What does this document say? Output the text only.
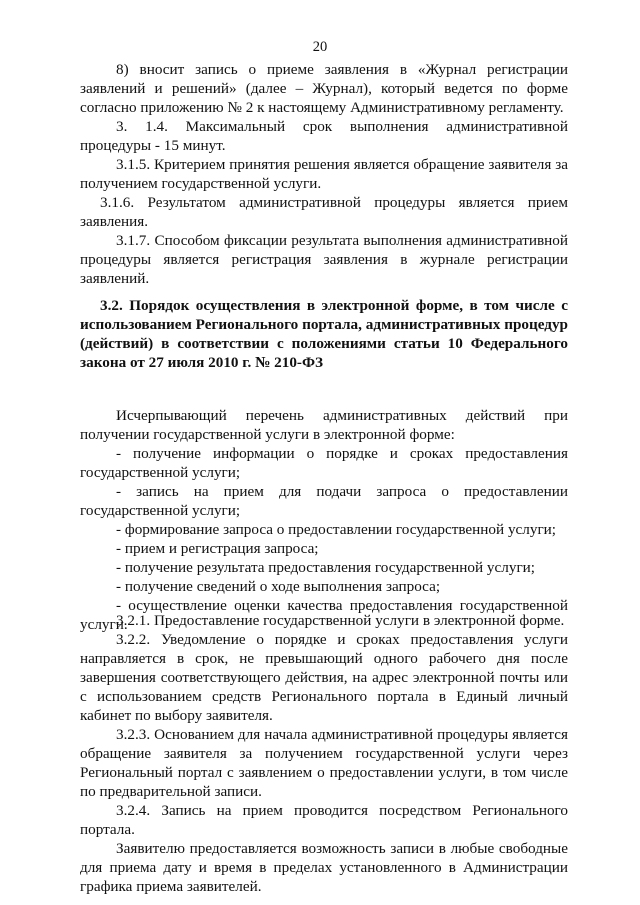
20

8) вносит запись о приеме заявления в «Журнал регистрации заявлений и решений» (далее – Журнал), который ведется по форме согласно приложению № 2 к настоящему Административному регламенту.

3. 1.4. Максимальный срок выполнения административной процедуры - 15 минут.

3.1.5. Критерием принятия решения является обращение заявителя за получением государственной услуги.

3.1.6. Результатом административной процедуры является прием заявления.

3.1.7. Способом фиксации результата выполнения административной процедуры является регистрация заявления в журнале регистрации заявлений.

3.2. Порядок осуществления в электронной форме, в том числе с использованием Регионального портала, административных процедур (действий) в соответствии с положениями статьи 10 Федерального закона от 27 июля 2010 г. № 210-ФЗ

Исчерпывающий перечень административных действий при получении государственной услуги в электронной форме:

- получение информации о порядке и сроках предоставления государственной услуги;

- запись на прием для подачи запроса о предоставлении государственной услуги;

- формирование запроса о предоставлении государственной услуги;

- прием и регистрация запроса;

- получение результата предоставления государственной услуги;

- получение сведений о ходе выполнения запроса;

- осуществление оценки качества предоставления государственной услуги.

3.2.1. Предоставление государственной услуги в электронной форме.

3.2.2. Уведомление о порядке и сроках предоставления услуги направляется в срок, не превышающий одного рабочего дня после завершения соответствующего действия, на адрес электронной почты или с использованием средств Регионального портала в Единый личный кабинет по выбору заявителя.

3.2.3. Основанием для начала административной процедуры является обращение заявителя за получением государственной услуги через Региональный портал с заявлением о предоставлении услуги, в том числе по предварительной записи.

3.2.4. Запись на прием проводится посредством Регионального портала.

Заявителю предоставляется возможность записи в любые свободные для приема дату и время в пределах установленного в Администрации графика приема заявителей.
